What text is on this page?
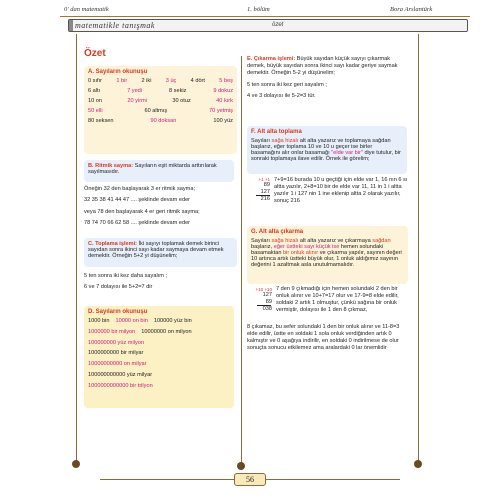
0' dan matematik	1. bölüm	Bora Arslantürk
matematikle tanışmak	özet
Özet
A. Sayıların okunuşu
0 sıfır	1 bir	2 iki	3 üç	4 dört	5 beş
6 altı	7 yedi	8 sekiz	9 dokuz
10 on	20 yirmi	30 otuz	40 kırk
50 elli	60 altmış	70 yetmiş
80 seksen	90 doksan	100 yüz
B. Ritmik sayma: Sayıların eşit miktarda arttırılarak sayılmasıdır.
Öneğin 32 den başlayarak 3 er ritmik sayma;
32 35 38 41 44 47 .... şeklinde devam eder
veya 78 den başlayarak 4 er geri ritmik sayma;
78 74 70 66 62 58 .... şeklinde devam eder
C. Toplama işlemi: İki sayıyı toplamak demek birinci sayıdan sonra ikinci sayı kadar saymaya devam etmek demektir. Örneğin 5+2 yi düşünelim;
5 ten sonra iki kez daha sayalım ;
6 ve 7 dolayısı ile 5+2=7 dir
D. Sayıların okunuşu
1000 bin 10000 on bin 100000 yüz bin
1000000 bir milyon 10000000 on milyon
100000000 yüz milyon
1000000000 bir milyar
10000000000 on milyar
100000000000 yüz milyar
1000000000000 bir trilyon
E. Çıkarma işlemi: Büyük sayıdan küçük sayıyı çıkarmak demek, büyük sayıdan sonra ikinci sayı kadar geriye saymak demektir. Örneğin 5-2 yi düşünelim;
5 ten sonra iki kez geri sayalım ;
4 ve 3 dolayısı ile 5-2=3 tür.
F. Alt alta toplama
Sayıları sağa hizalı alt alta yazarız ve toplamaya sağdan başlarız, eğer toplama 10 ve 10 u geçer ise birler basamağını alır onlar basamağı "elde var bir" diye tutulur, bir sonraki toplamaya ilave edilir. Örnek ile görelim;
+1 +1
89
127
216
7+9=16 burada 10 u geçtiği için elde var 1, 16 nın 6 sı altta yazılır, 2+8=10 bir de elde var 11, 11 in 1 i altta yazılır 1 i 127 nin 1 ine eklenip altta 2 olarak yazılır, sonuç 216
G. Alt alta çıkarma
Sayıları sağa hizalı alt alta yazarız ve çıkarmaya sağdan başlarız, eğer üstteki sayı küçük ise hemen solundaki basamaktan bir onluk alınır ve çıkarma yapılır, sayının değeri 10 artınca artık üstteki büyük olur, 1 onluk aldığımız sayının değerini 1 azaltmak asla unutulmamalıdır.
+10 +10
127
89
038
7 den 9 çıkmadığı için hemen solundaki 2 den bir onluk alınır ve 10+7=17 olur ve 17-9=8 elde edilir, soldaki 2 artık 1 olmuştur, çünkü sağına bir onluk vermiştir, dolayısı ile 1 den 8 çıkmaz,
8 çıkamaz, bu sefer solundaki 1 den bir onluk alınır ve 11-8=3 elde edilir, üstte en soldaki 1 sola onluk verdiğinden artık 0 kalmıştır ve 0 aşağıya indirilir, en soldaki 0 indirilmese de olur sonuçta sonucu etkilemez ama aralardaki 0 lar önemlidir
56
